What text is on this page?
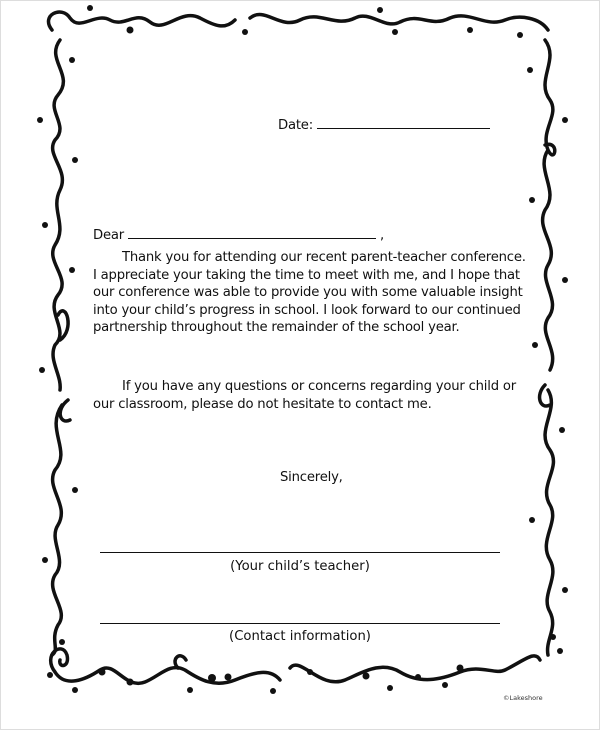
Date:
Dear	,
Thank you for attending our recent parent-teacher conference.
I appreciate your taking the time to meet with me, and I hope that
our conference was able to provide you with some valuable insight
into your child’s progress in school. I look forward to our continued
partnership throughout the remainder of the school year.
If you have any questions or concerns regarding your child or
our classroom, please do not hesitate to contact me.
Sincerely,
(Your child’s teacher)
(Contact information)
©Lakeshore
